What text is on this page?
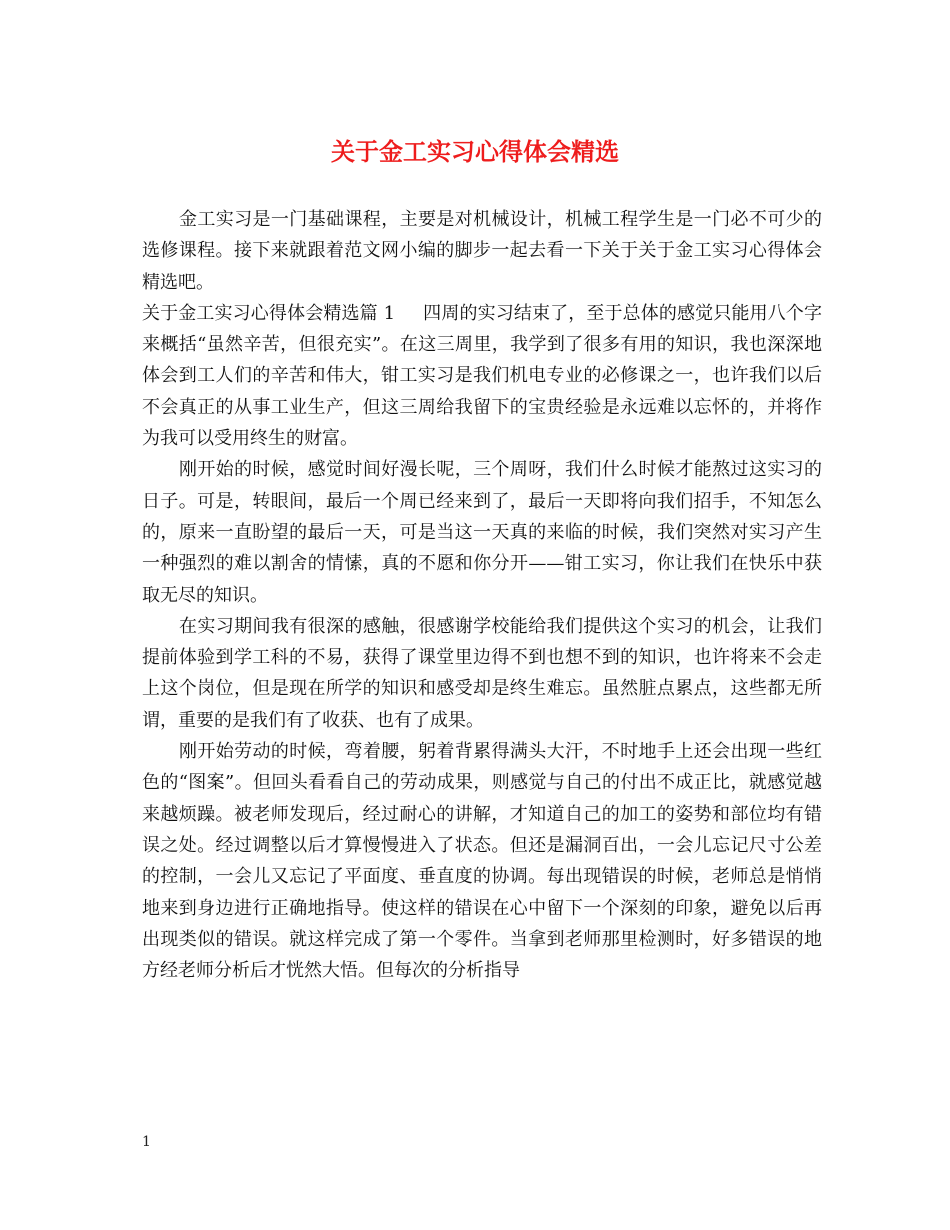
关于金工实习心得体会精选

金工实习是一门基础课程，主要是对机械设计，机械工程学生是一门必不可少的选修课程。接下来就跟着范文网小编的脚步一起去看一下关于关于金工实习心得体会精选吧。

关于金工实习心得体会精选篇 1 四周的实习结束了，至于总体的感觉只能用八个字来概括“虽然辛苦，但很充实”。在这三周里，我学到了很多有用的知识，我也深深地体会到工人们的辛苦和伟大，钳工实习是我们机电专业的必修课之一，也许我们以后不会真正的从事工业生产，但这三周给我留下的宝贵经验是永远难以忘怀的，并将作为我可以受用终生的财富。

刚开始的时候，感觉时间好漫长呢，三个周呀，我们什么时候才能熬过这实习的日子。可是，转眼间，最后一个周已经来到了，最后一天即将向我们招手，不知怎么的，原来一直盼望的最后一天，可是当这一天真的来临的时候，我们突然对实习产生一种强烈的难以割舍的情愫，真的不愿和你分开——钳工实习，你让我们在快乐中获取无尽的知识。

在实习期间我有很深的感触，很感谢学校能给我们提供这个实习的机会，让我们提前体验到学工科的不易，获得了课堂里边得不到也想不到的知识，也许将来不会走上这个岗位，但是现在所学的知识和感受却是终生难忘。虽然脏点累点，这些都无所谓，重要的是我们有了收获、也有了成果。

刚开始劳动的时候，弯着腰，躬着背累得满头大汗，不时地手上还会出现一些红色的“图案”。但回头看看自己的劳动成果，则感觉与自己的付出不成正比，就感觉越来越烦躁。被老师发现后，经过耐心的讲解，才知道自己的加工的姿势和部位均有错误之处。经过调整以后才算慢慢进入了状态。但还是漏洞百出，一会儿忘记尺寸公差的控制，一会儿又忘记了平面度、垂直度的协调。每出现错误的时候，老师总是悄悄地来到身边进行正确地指导。使这样的错误在心中留下一个深刻的印象，避免以后再出现类似的错误。就这样完成了第一个零件。当拿到老师那里检测时，好多错误的地方经老师分析后才恍然大悟。但每次的分析指导

1
